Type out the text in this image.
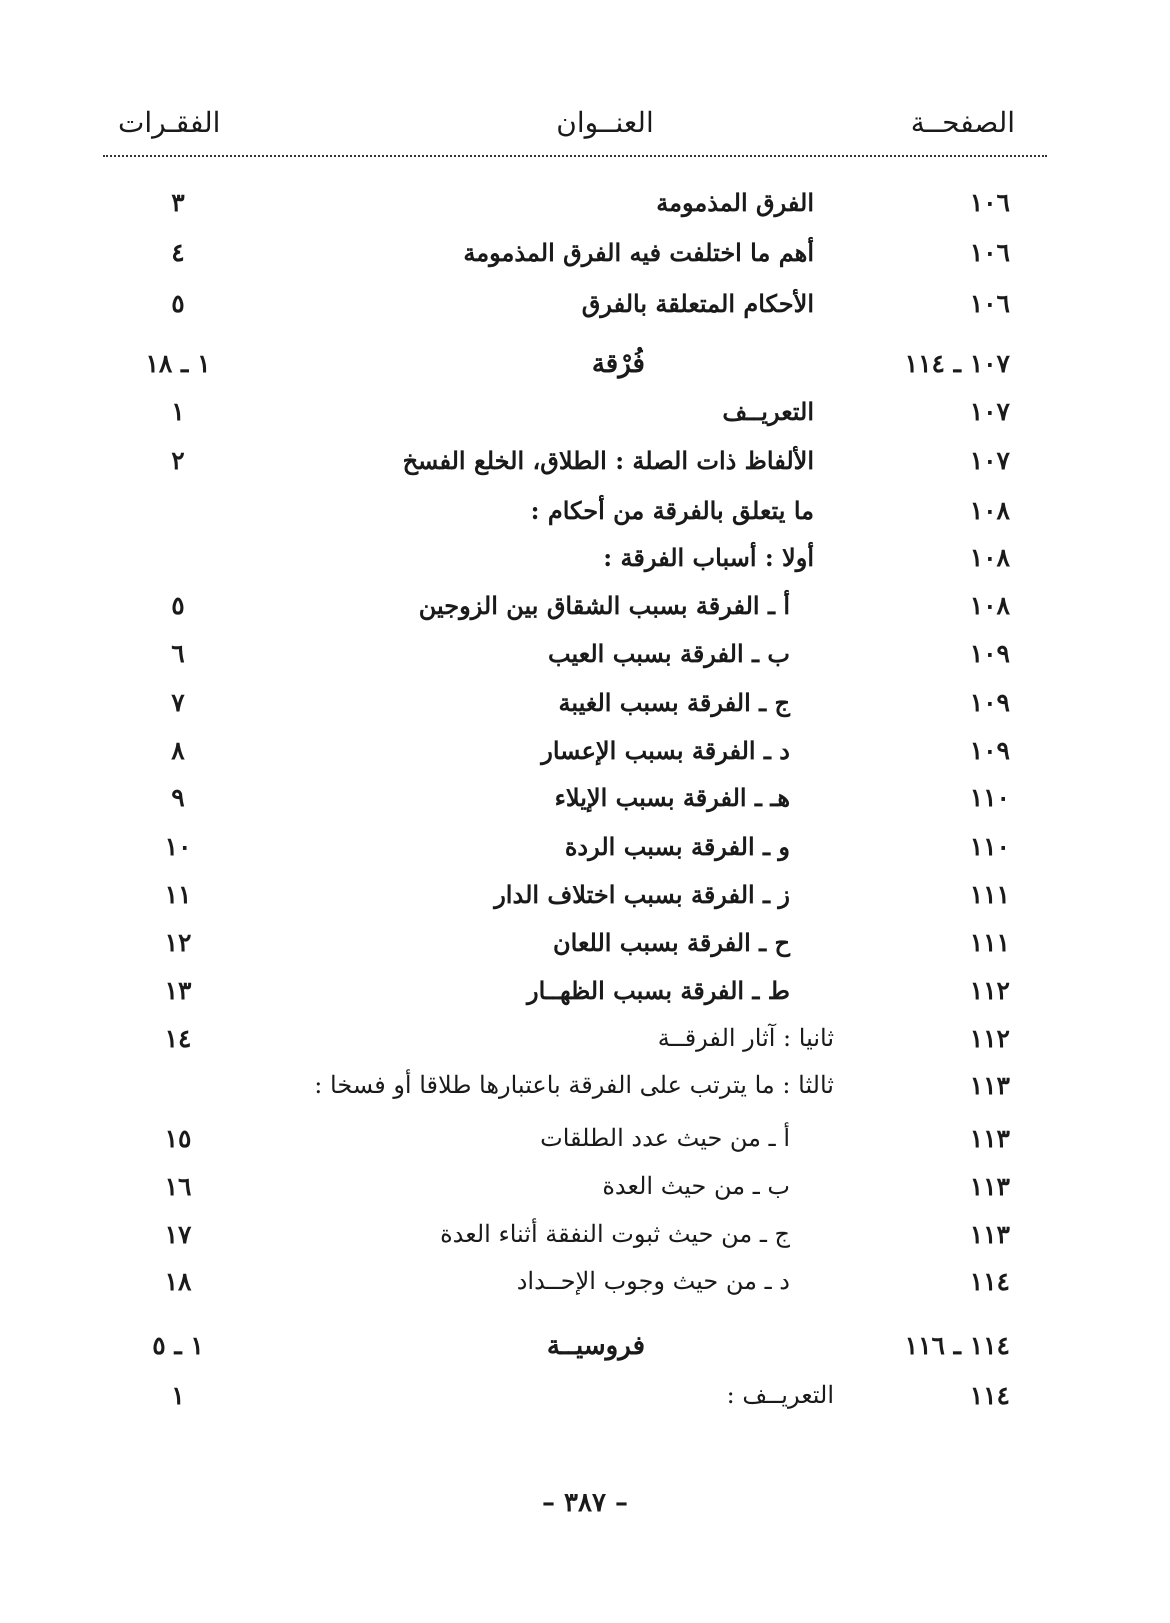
الصفحــة
العنــوان
الفقـرات
١٠٦
الفرق المذمومة
٣
١٠٦
أهم ما اختلفت فيه الفرق المذمومة
٤
١٠٦
الأحكام المتعلقة بالفرق
٥
١٠٧ ـ ١١٤
فُرْقة
١ ـ ١٨
١٠٧
التعريــف
١
١٠٧
الألفاظ ذات الصلة : الطلاق، الخلع الفسخ
٢
١٠٨
ما يتعلق بالفرقة من أحكام :
١٠٨
أولا : أسباب الفرقة :
١٠٨
أ ـ الفرقة بسبب الشقاق بين الزوجين
٥
١٠٩
ب ـ الفرقة بسبب العيب
٦
١٠٩
ج ـ الفرقة بسبب الغيبة
٧
١٠٩
د ـ الفرقة بسبب الإعسار
٨
١١٠
هـ ـ الفرقة بسبب الإيلاء
٩
١١٠
و ـ الفرقة بسبب الردة
١٠
١١١
ز ـ الفرقة بسبب اختلاف الدار
١١
١١١
ح ـ الفرقة بسبب اللعان
١٢
١١٢
ط ـ الفرقة بسبب الظهــار
١٣
١١٢
ثانيا : آثار الفرقــة
١٤
١١٣
ثالثا : ما يترتب على الفرقة باعتبارها طلاقا أو فسخا :
١١٣
أ ـ من حيث عدد الطلقات
١٥
١١٣
ب ـ من حيث العدة
١٦
١١٣
ج ـ من حيث ثبوت النفقة أثناء العدة
١٧
١١٤
د ـ من حيث وجوب الإحــداد
١٨
١١٤ ـ ١١٦
فروسيــة
١ ـ ٥
١١٤
التعريــف :
١
– ٣٨٧ –
